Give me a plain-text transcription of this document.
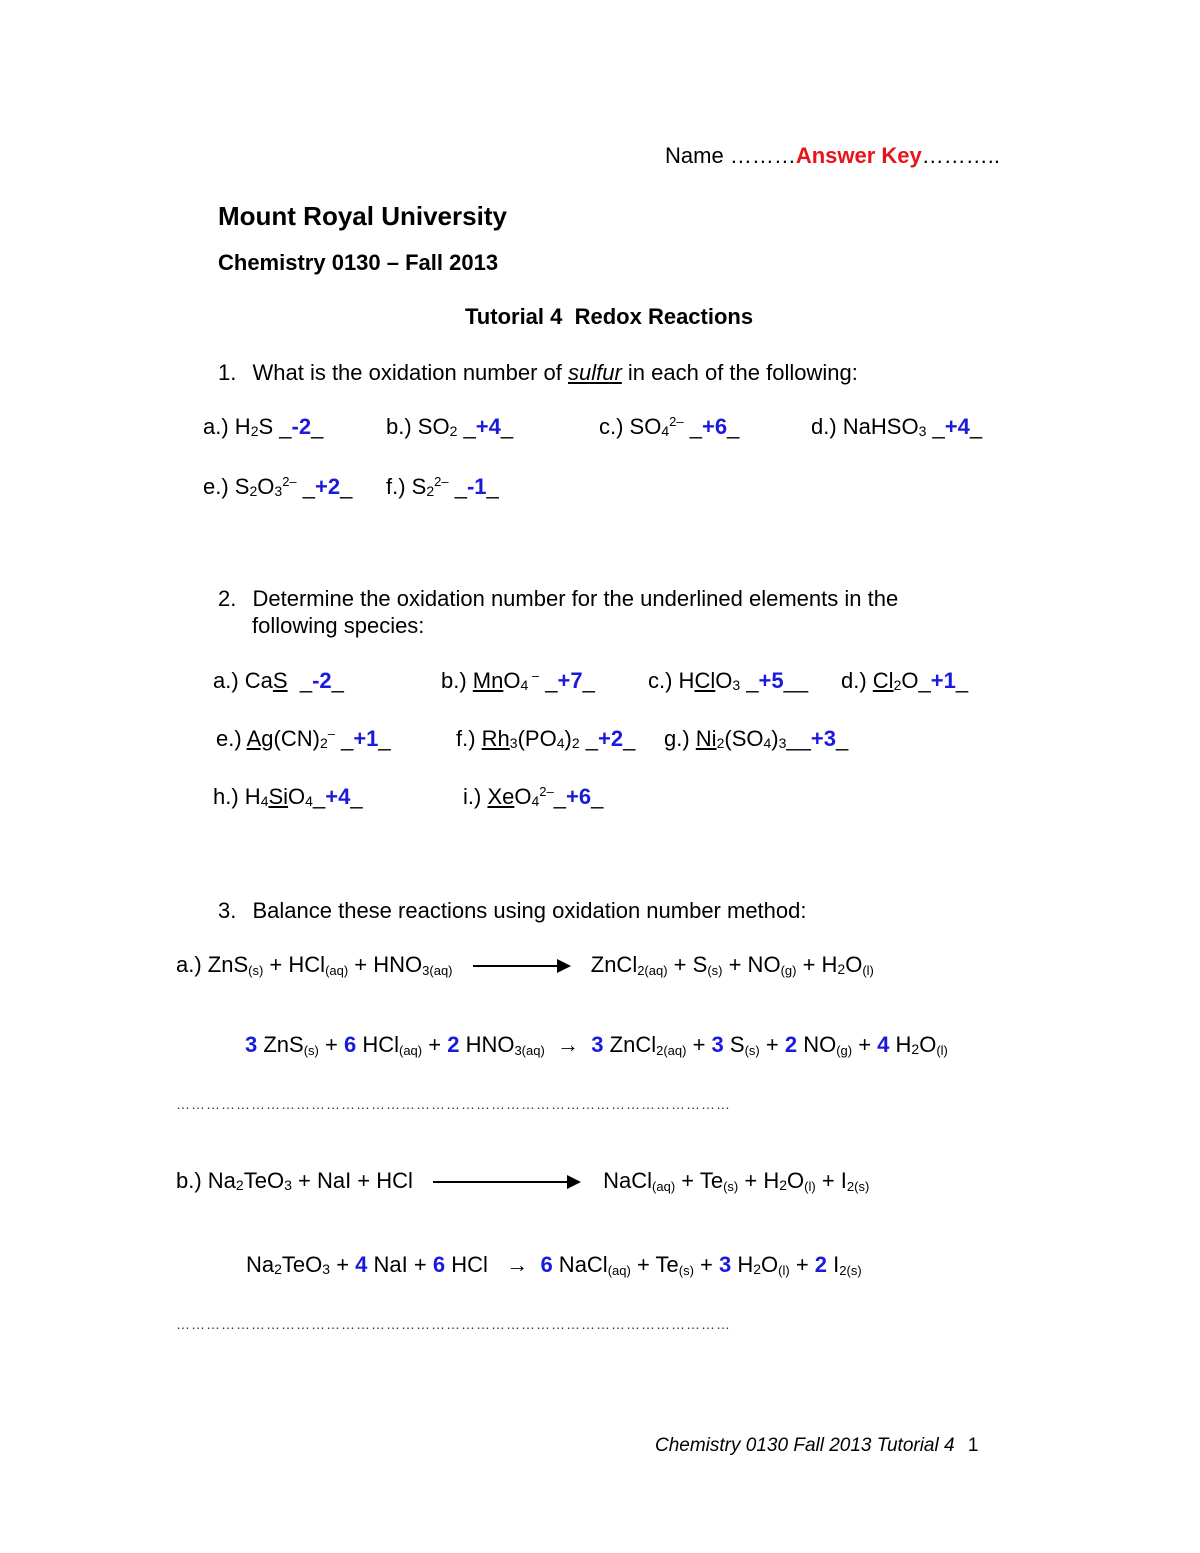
Name ………Answer Key………..
Mount Royal University
Chemistry 0130 – Fall 2013
Tutorial 4  Redox Reactions
1. What is the oxidation number of sulfur in each of the following:
a.) $H_2S$ _-2_	b.) $SO_2$ _+4_	c.) $SO_4^{2-}$ _+6_	d.) NaHSO$_3$ _+4_
e.) $S_2O_3^{2-}$ _+2_ f.) $S_2^{2-}$ _-1_
2. Determine the oxidation number for the underlined elements in the
following species:
a.) CaS  _-2_	b.) MnO$_4$ – _+7_ c.) HClO$_3$ _+5__ d.) $Cl_2O\_+1\_$
e.) $Ag(CN)_2^-$ _+1_	f.) $Rh_3(PO_4)_2$ _+2_ g.) $Ni_2(SO_4)_3\_\_+3\_$
h.) $H_4SiO_4\_+4\_$	i.) XeO$_4^{2-}$_+6_
3. Balance these reactions using oxidation number method:
a.) ZnS(s) + HCl(aq) + HNO3(aq)	ZnCl2(aq) + $S(s) + NO(g) + H_2O(l)$
3 ZnS(s) + 6 HCl(aq) + 2 HNO3(aq) → 3 ZnCl2(aq) + 3 S(s) + 2 NO(g) + 4 $H_2O(l)$
…………………………………………………………………………………………………
b.) $Na_2TeO_3$ + NaI + HCl	NaCl(aq) + $Te(s) + H_2O(l) + I2(s)$
$Na_2TeO_3 + 4$ NaI + 6 HCl   → 6 NaCl(aq) + Te(s) + 3 $H_2O(l) + 2$ I2(s)
…………………………………………………………………………………………………
Chemistry 0130 Fall 2013 Tutorial 4 1
